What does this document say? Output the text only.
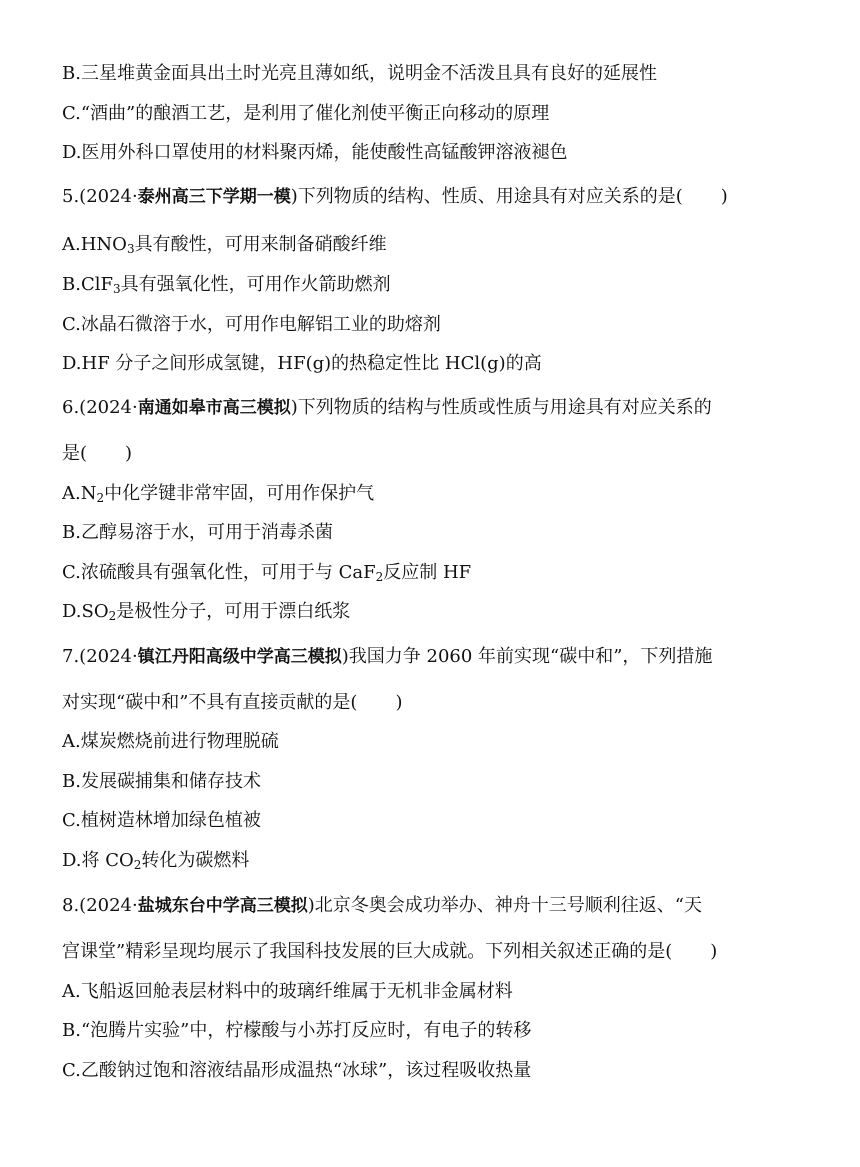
B.三星堆黄金面具出土时光亮且薄如纸，说明金不活泼且具有良好的延展性
C.“酒曲”的酿酒工艺，是利用了催化剂使平衡正向移动的原理
D.医用外科口罩使用的材料聚丙烯，能使酸性高锰酸钾溶液褪色
5.(2024·泰州高三下学期一模)下列物质的结构、性质、用途具有对应关系的是( )
$A.HNO_3$具有酸性，可用来制备硝酸纤维
B.ClF$_3$具有强氧化性，可用作火箭助燃剂
C.冰晶石微溶于水，可用作电解铝工业的助熔剂
D.HF 分子之间形成氢键，HF(g)的热稳定性比 HCl(g)的高
6.(2024·南通如皋市高三模拟)下列物质的结构与性质或性质与用途具有对应关系的
是( )
$A.N_2$中化学键非常牢固，可用作保护气
B.乙醇易溶于水，可用于消毒杀菌
C.浓硫酸具有强氧化性，可用于与 CaF$_2$反应制 HF
$D.SO_2$是极性分子，可用于漂白纸浆
7.(2024·镇江丹阳高级中学高三模拟)我国力争 2060 年前实现“碳中和”，下列措施
对实现“碳中和”不具有直接贡献的是( )
A.煤炭燃烧前进行物理脱硫
B.发展碳捕集和储存技术
C.植树造林增加绿色植被
D.将 $CO_2$转化为碳燃料
8.(2024·盐城东台中学高三模拟)北京冬奥会成功举办、神舟十三号顺利往返、“天
宫课堂”精彩呈现均展示了我国科技发展的巨大成就。下列相关叙述正确的是( )
A.飞船返回舱表层材料中的玻璃纤维属于无机非金属材料
B.“泡腾片实验”中，柠檬酸与小苏打反应时，有电子的转移
C.乙酸钠过饱和溶液结晶形成温热“冰球”，该过程吸收热量
